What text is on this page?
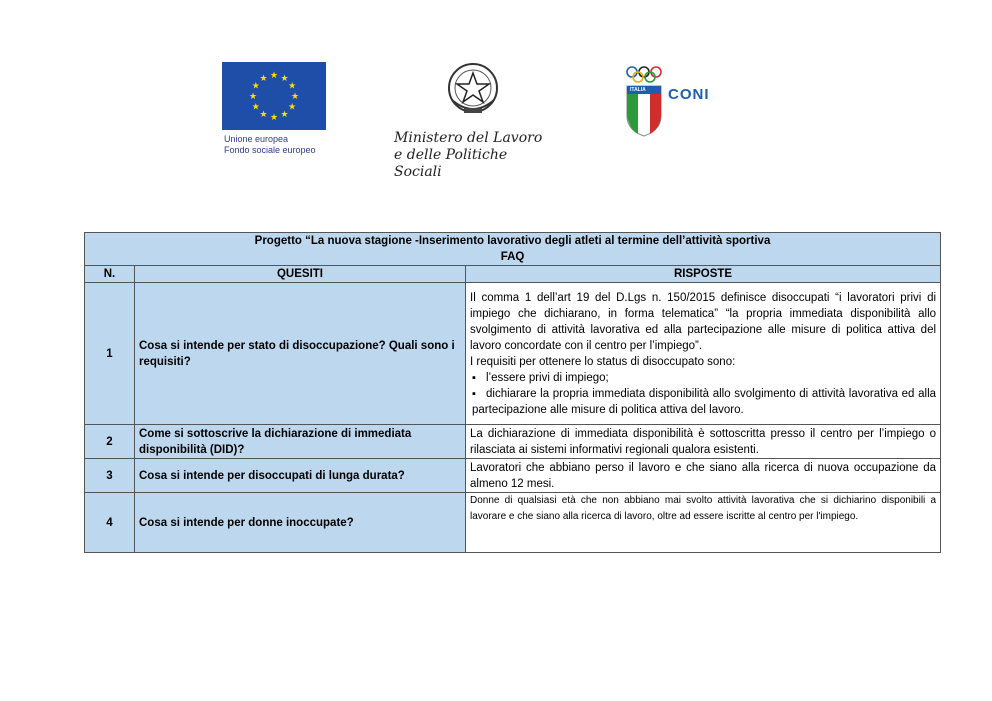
★ ★
★
★
★
★
★
★
★
★
★
★
Unione europea
Fondo sociale europeo
Ministero del Lavoro
e delle Politiche Sociali
ITALIA CONI
Progetto “La nuova stagione -Inserimento lavorativo degli atleti al termine dell’attività sportiva
FAQ		

N.	QUESITI	RISPOSTE
1	Cosa si intende per stato di disoccupazione? Quali sono i requisiti?	Il comma 1 dell’art 19 del D.Lgs n. 150/2015 definisce disoccupati “i lavoratori privi di impiego che dichiarano, in forma telematica” “la propria immediata disponibilità allo svolgimento di attività lavorativa ed alla partecipazione alle misure di politica attiva del lavoro concordate con il centro per l’impiego”.
I requisiti per ottenere lo status di disoccupato sono:
▪ l’essere privi di impiego;
▪ dichiarare la propria immediata disponibilità allo svolgimento di attività lavorativa ed alla partecipazione alle misure di politica attiva del lavoro.

2	Come si sottoscrive la dichiarazione di immediata disponibilità (DID)?	La dichiarazione di immediata disponibilità è sottoscritta presso il centro per l’impiego o rilasciata ai sistemi informativi regionali qualora esistenti.
3	Cosa si intende per disoccupati di lunga durata?	Lavoratori che abbiano perso il lavoro e che siano alla ricerca di nuova occupazione da almeno 12 mesi.
4	Cosa si intende per donne inoccupate?	Donne di qualsiasi età che non abbiano mai svolto attività lavorativa che si dichiarino disponibili a lavorare e che siano alla ricerca di lavoro, oltre ad essere iscritte al centro per l'impiego.
